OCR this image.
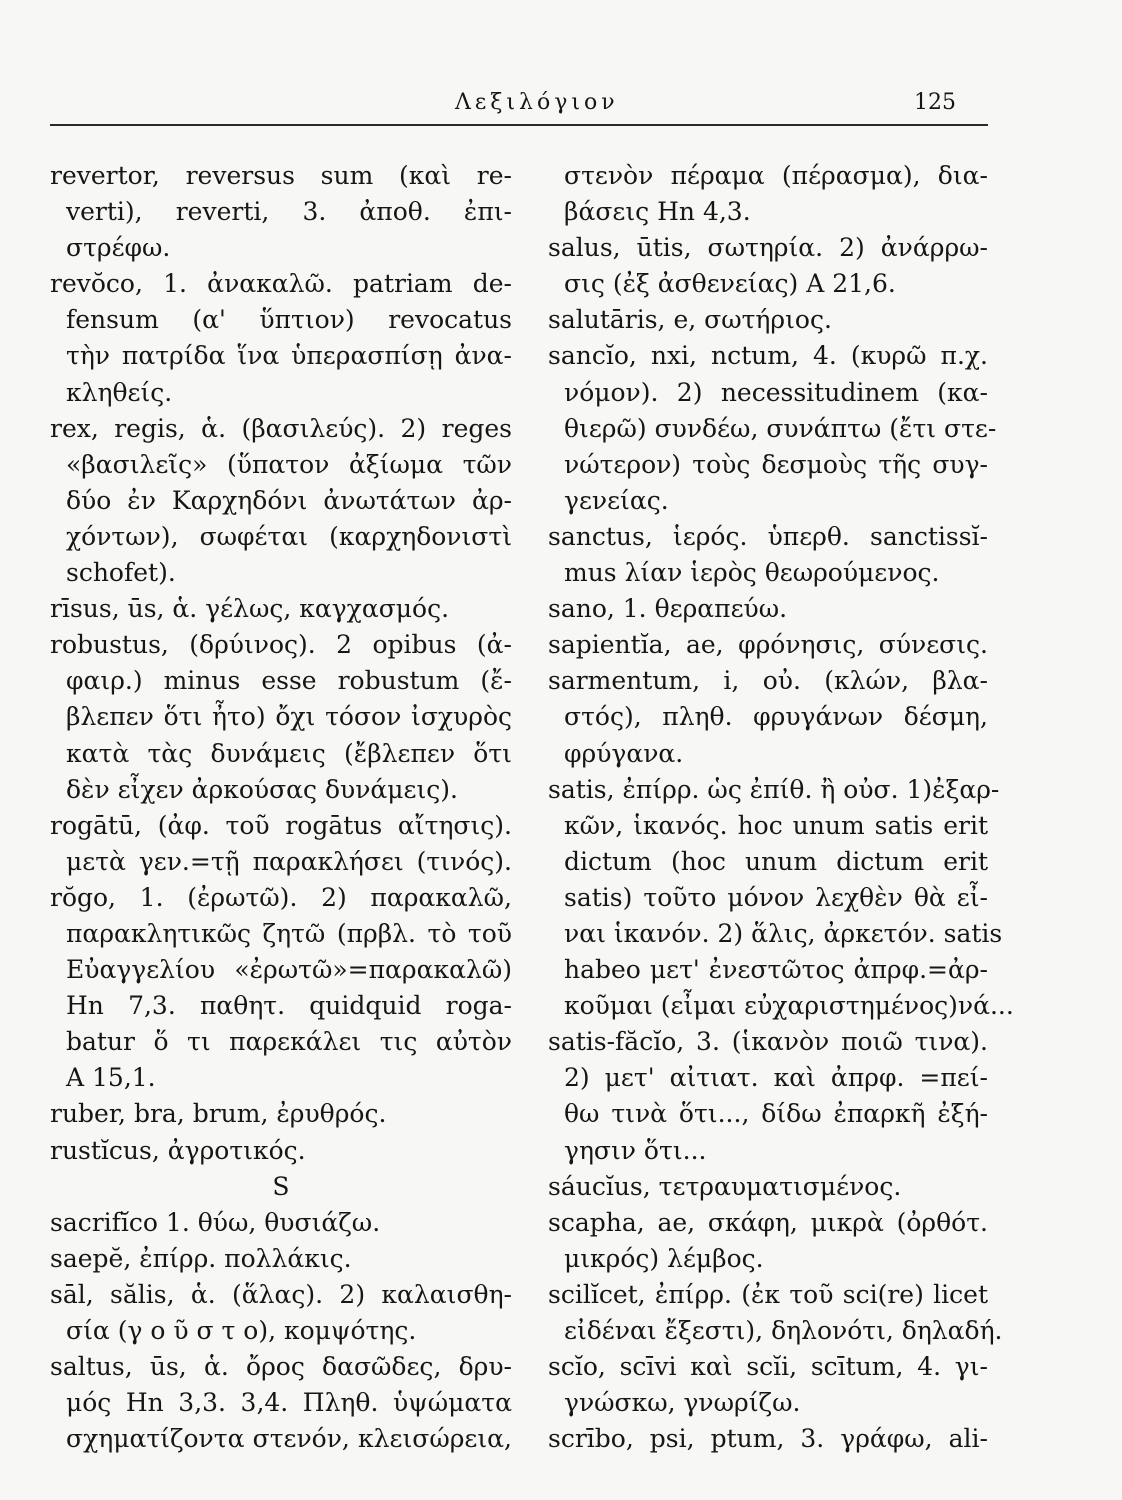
Λεξιλόγιον	125
revertor, reversus sum (καὶ re-
verti), reverti, 3. ἀποθ. ἐπι-
στρέφω.
revŏco, 1. ἀνακαλῶ. patriam de-
fensum (α' ὕπτιον) revocatus
τὴν πατρίδα ἵνα ὑπερασπίσῃ ἀνα-
κληθείς.
rex, regis, ἁ. (βασιλεύς). 2) reges
«βασιλεῖς» (ὕπατον ἀξίωμα τῶν
δύο ἐν Καρχηδόνι ἀνωτάτων ἀρ-
χόντων), σωφέται (καρχηδονιστὶ
schofet).
rīsus, ūs, ἁ. γέλως, καγχασμός.
robustus, (δρύινος). 2 opibus (ἀ-
φαιρ.) minus esse robustum (ἔ-
βλεπεν ὅτι ἦτο) ὄχι τόσον ἰσχυρὸς
κατὰ τὰς δυνάμεις (ἔβλεπεν ὅτι
δὲν εἶχεν ἀρκούσας δυνάμεις).
rogātū, (ἀφ. τοῦ rogātus αἴτησις).
μετὰ γεν.=τῇ παρακλήσει (τινός).
rŏgo, 1. (ἐρωτῶ). 2) παρακαλῶ,
παρακλητικῶς ζητῶ (πρβλ. τὸ τοῦ
Εὐαγγελίου «ἐρωτῶ»=παρακαλῶ)
Ηn 7,3. παθητ. quidquid roga-
batur ὅ τι παρεκάλει τις αὐτὸν
A 15,1.
ruber, bra, brum, ἐρυθρός.
rustĭcus, ἀγροτικός.
S
sacrifĭco 1. θύω, θυσιάζω.
saepĕ, ἐπίρρ. πολλάκις.
sāl, sălis, ἁ. (ἅλας). 2) καλαισθη-
σία (γ ο ῦ σ τ ο), κομψότης.
saltus, ūs, ἁ. ὄρος δασῶδες, δρυ-
μός Ηn 3,3. 3,4. Πληθ. ὑψώματα
σχηματίζοντα στενόν, κλεισώρεια,
στενὸν πέραμα (πέρασμα), δια-
βάσεις Ηn 4,3.
salus, ūtis, σωτηρία. 2) ἀνάρρω-
σις (ἐξ ἀσθενείας) A 21,6.
salutāris, e, σωτήριος.
sancĭo, nxi, nctum, 4. (κυρῶ π.χ.
νόμον). 2) necessitudinem (κα-
θιερῶ) συνδέω, συνάπτω (ἔτι στε-
νώτερον) τοὺς δεσμοὺς τῆς συγ-
γενείας.
sanctus, ἱερός. ὑπερθ. sanctissĭ-
mus λίαν ἱερὸς θεωρούμενος.
sano, 1. θεραπεύω.
sapientĭa, ae, φρόνησις, σύνεσις.
sarmentum, i, οὐ. (κλών, βλα-
στός), πληθ. φρυγάνων δέσμη,
φρύγανα.
satis, ἐπίρρ. ὡς ἐπίθ. ἢ οὐσ. 1)ἐξαρ-
κῶν, ἱκανός. hoc unum satis erit
dictum (hoc unum dictum erit
satis) τοῦτο μόνον λεχθὲν θὰ εἶ-
ναι ἱκανόν. 2) ἅλις, ἀρκετόν. satis
habeo μετ' ἐνεστῶτος ἀπρφ.=ἀρ-
κοῦμαι (εἶμαι εὐχαριστημένος)νά...
satis-făcĭo, 3. (ἱκανὸν ποιῶ τινα).
2) μετ' αἰτιατ. καὶ ἀπρφ. =πεί-
θω τινὰ ὅτι..., δίδω ἐπαρκῆ ἐξή-
γησιν ὅτι...
sáucĭus, τετραυματισμένος.
scapha, ae, σκάφη, μικρὰ (ὀρθότ.
μικρός) λέμβος.
scilĭcet, ἐπίρρ. (ἐκ τοῦ sci(re) licet
εἰδέναι ἔξεστι), δηλονότι, δηλαδή.
scĭo, scīvi καὶ scĭi, scītum, 4. γι-
γνώσκω, γνωρίζω.
scrībo, psi, ptum, 3. γράφω, ali-
